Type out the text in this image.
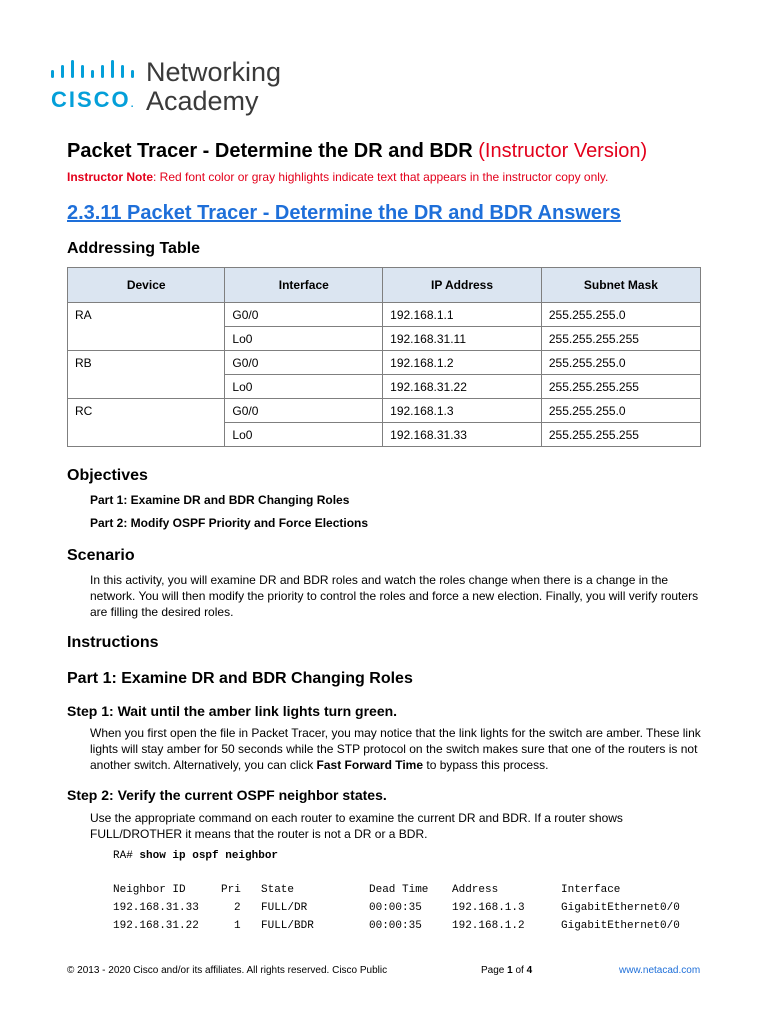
CISCO.
Networking
Academy
Packet Tracer - Determine the DR and BDR (Instructor Version)
Instructor Note: Red font color or gray highlights indicate text that appears in the instructor copy only.
2.3.11 Packet Tracer - Determine the DR and BDR Answers
Addressing Table
Device	Interface	IP Address	Subnet Mask
RA	G0/0	192.168.1.1	255.255.255.0
	Lo0	192.168.31.11	255.255.255.255
RB	G0/0	192.168.1.2	255.255.255.0
	Lo0	192.168.31.22	255.255.255.255
RC	G0/0	192.168.1.3	255.255.255.0
	Lo0	192.168.31.33	255.255.255.255
Objectives
Part 1: Examine DR and BDR Changing Roles
Part 2: Modify OSPF Priority and Force Elections
Scenario
In this activity, you will examine DR and BDR roles and watch the roles change when there is a change in the network. You will then modify the priority to control the roles and force a new election. Finally, you will verify routers are filling the desired roles.
Instructions
Part 1: Examine DR and BDR Changing Roles
Step 1: Wait until the amber link lights turn green.
When you first open the file in Packet Tracer, you may notice that the link lights for the switch are amber. These link lights will stay amber for 50 seconds while the STP protocol on the switch makes sure that one of the routers is not another switch. Alternatively, you can click Fast Forward Time to bypass this process.
Step 2: Verify the current OSPF neighbor states.
Use the appropriate command on each router to examine the current DR and BDR. If a router shows FULL/DROTHER it means that the router is not a DR or a BDR.
RA# show ip ospf neighbor
Neighbor ID	Pri State	Dead Time Address	Interface
192.168.31.33	2 FULL/DR	00:00:35	192.168.1.3	GigabitEthernet0/0
192.168.31.22	1 FULL/BDR	00:00:35	192.168.1.2	GigabitEthernet0/0
© 2013 - 2020 Cisco and/or its affiliates. All rights reserved. Cisco Public	Page 1 of 4	www.netacad.com
